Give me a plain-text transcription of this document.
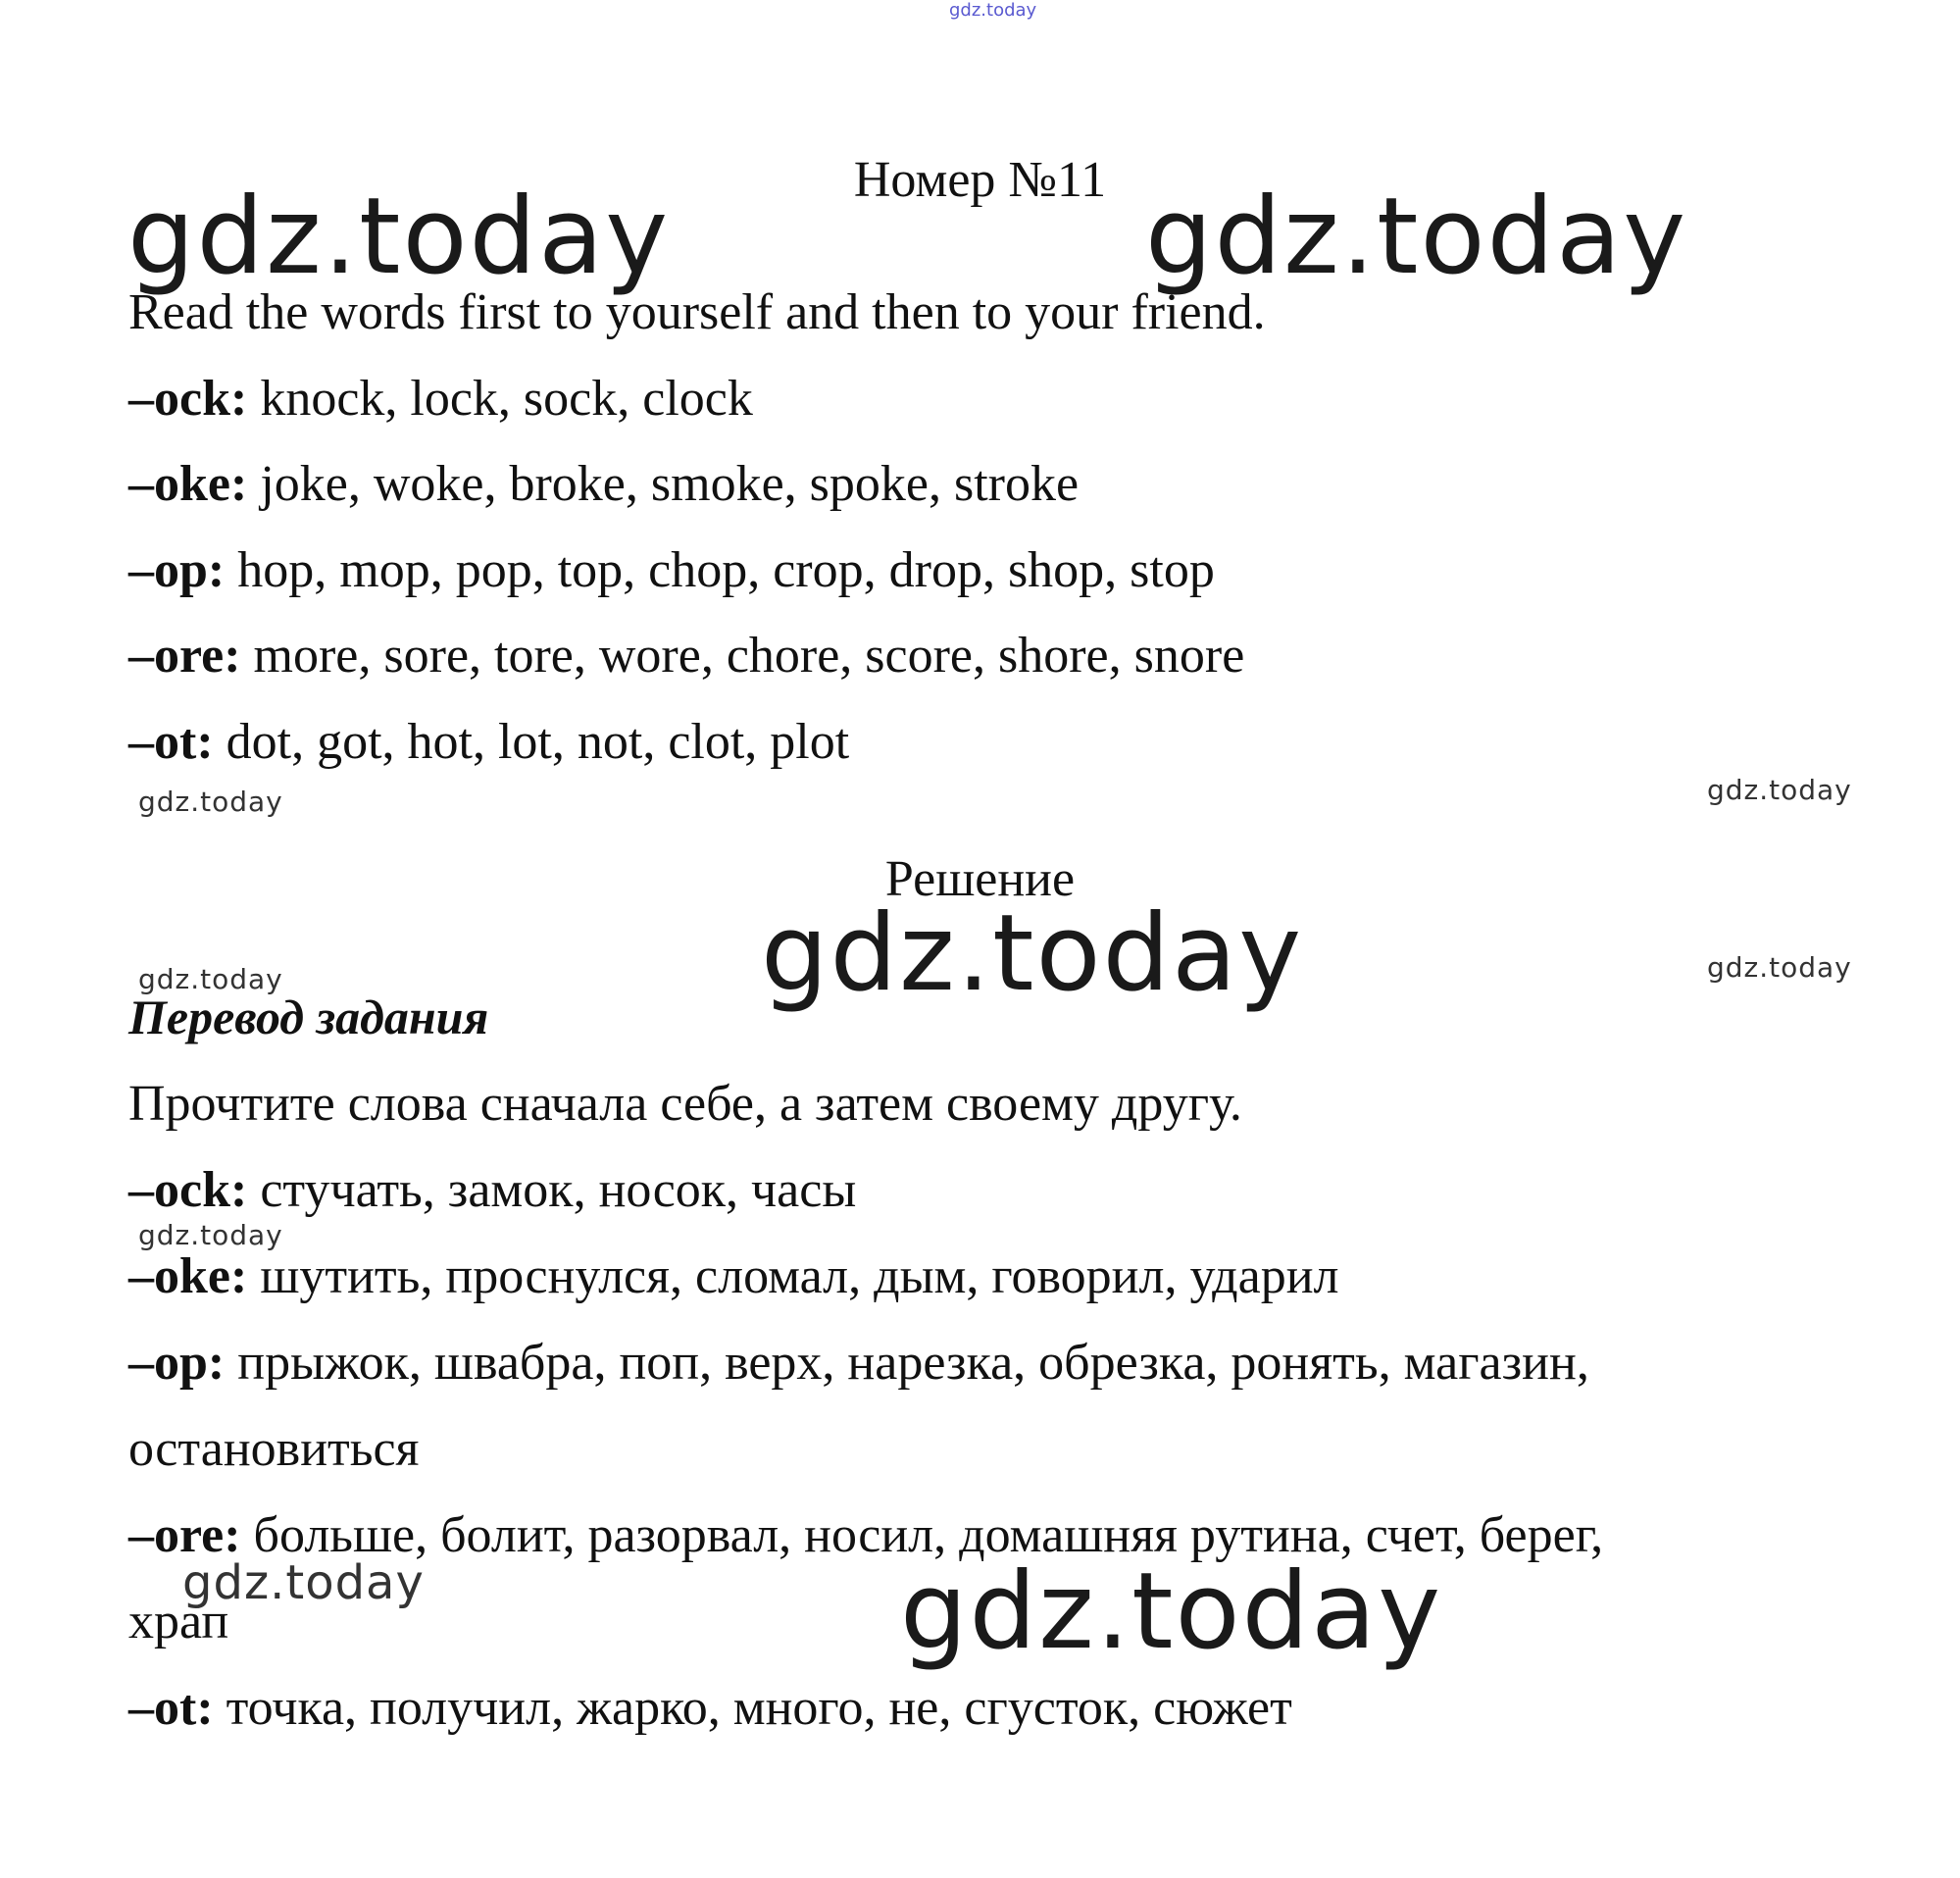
gdz.today
gdz.today	gdz.today
gdz.today	gdz.today
gdz.today
gdz.today	gdz.today
gdz.today
gdz.today	gdz.today
Номер №11
Read the words first to yourself and then to your friend.
–ock: knock, lock, sock, clock
–oke: joke, woke, broke, smoke, spoke, stroke
–op: hop, mop, pop, top, chop, crop, drop, shop, stop
–ore: more, sore, tore, wore, chore, score, shore, snore
–ot: dot, got, hot, lot, not, clot, plot
Решение
Перевод задания
Прочтите слова сначала себе, а затем своему другу.
–ock: стучать, замок, носок, часы
–oke: шутить, проснулся, сломал, дым, говорил, ударил
–op: прыжок, швабра, поп, верх, нарезка, обрезка, ронять, магазин,
остановиться
–ore: больше, болит, разорвал, носил, домашняя рутина, счет, берег,
храп
–ot: точка, получил, жарко, много, не, сгусток, сюжет
